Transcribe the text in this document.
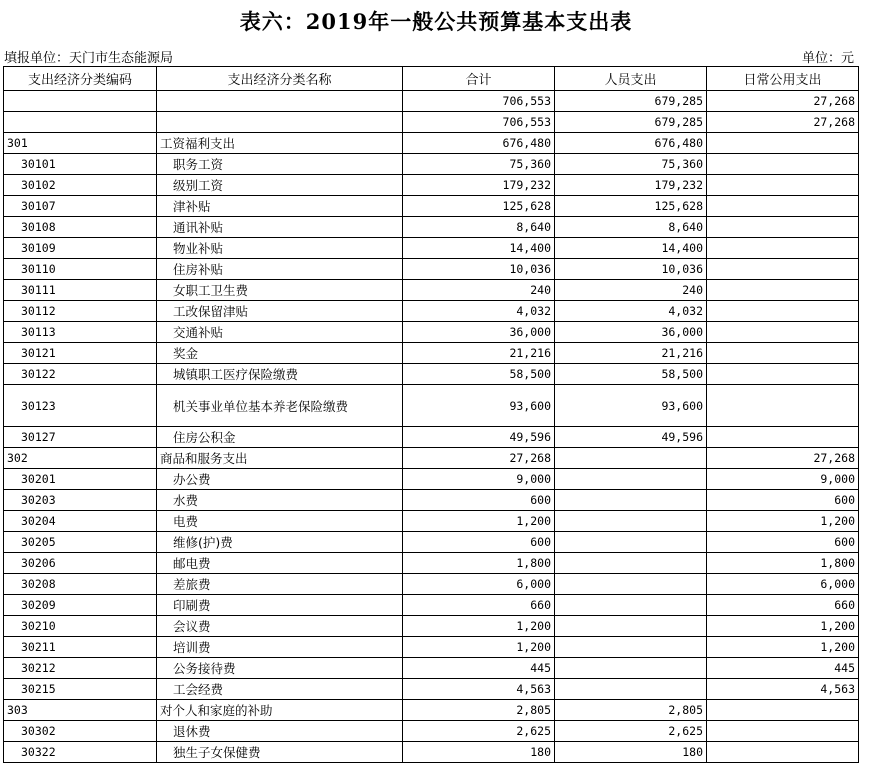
表六：2019年一般公共预算基本支出表
填报单位：天门市生态能源局	单位：元
支出经济分类编码	支出经济分类名称	合计	人员支出	日常公用支出
		706,553	679,285	27,268
		706,553	679,285	27,268
301	工资福利支出	676,480	676,480	
30101	职务工资	75,360	75,360	
30102	级别工资	179,232	179,232	
30107	津补贴	125,628	125,628	
30108	通讯补贴	8,640	8,640	
30109	物业补贴	14,400	14,400	
30110	住房补贴	10,036	10,036	
30111	女职工卫生费	240	240	
30112	工改保留津贴	4,032	4,032	
30113	交通补贴	36,000	36,000	
30121	奖金	21,216	21,216	
30122	城镇职工医疗保险缴费	58,500	58,500	
30123	机关事业单位基本养老保险缴费	93,600	93,600	
30127	住房公积金	49,596	49,596	
302	商品和服务支出	27,268		27,268
30201	办公费	9,000		9,000
30203	水费	600		600
30204	电费	1,200		1,200
30205	维修(护)费	600		600
30206	邮电费	1,800		1,800
30208	差旅费	6,000		6,000
30209	印刷费	660		660
30210	会议费	1,200		1,200
30211	培训费	1,200		1,200
30212	公务接待费	445		445
30215	工会经费	4,563		4,563
303	对个人和家庭的补助	2,805	2,805	
30302	退休费	2,625	2,625	
30322	独生子女保健费	180	180	
